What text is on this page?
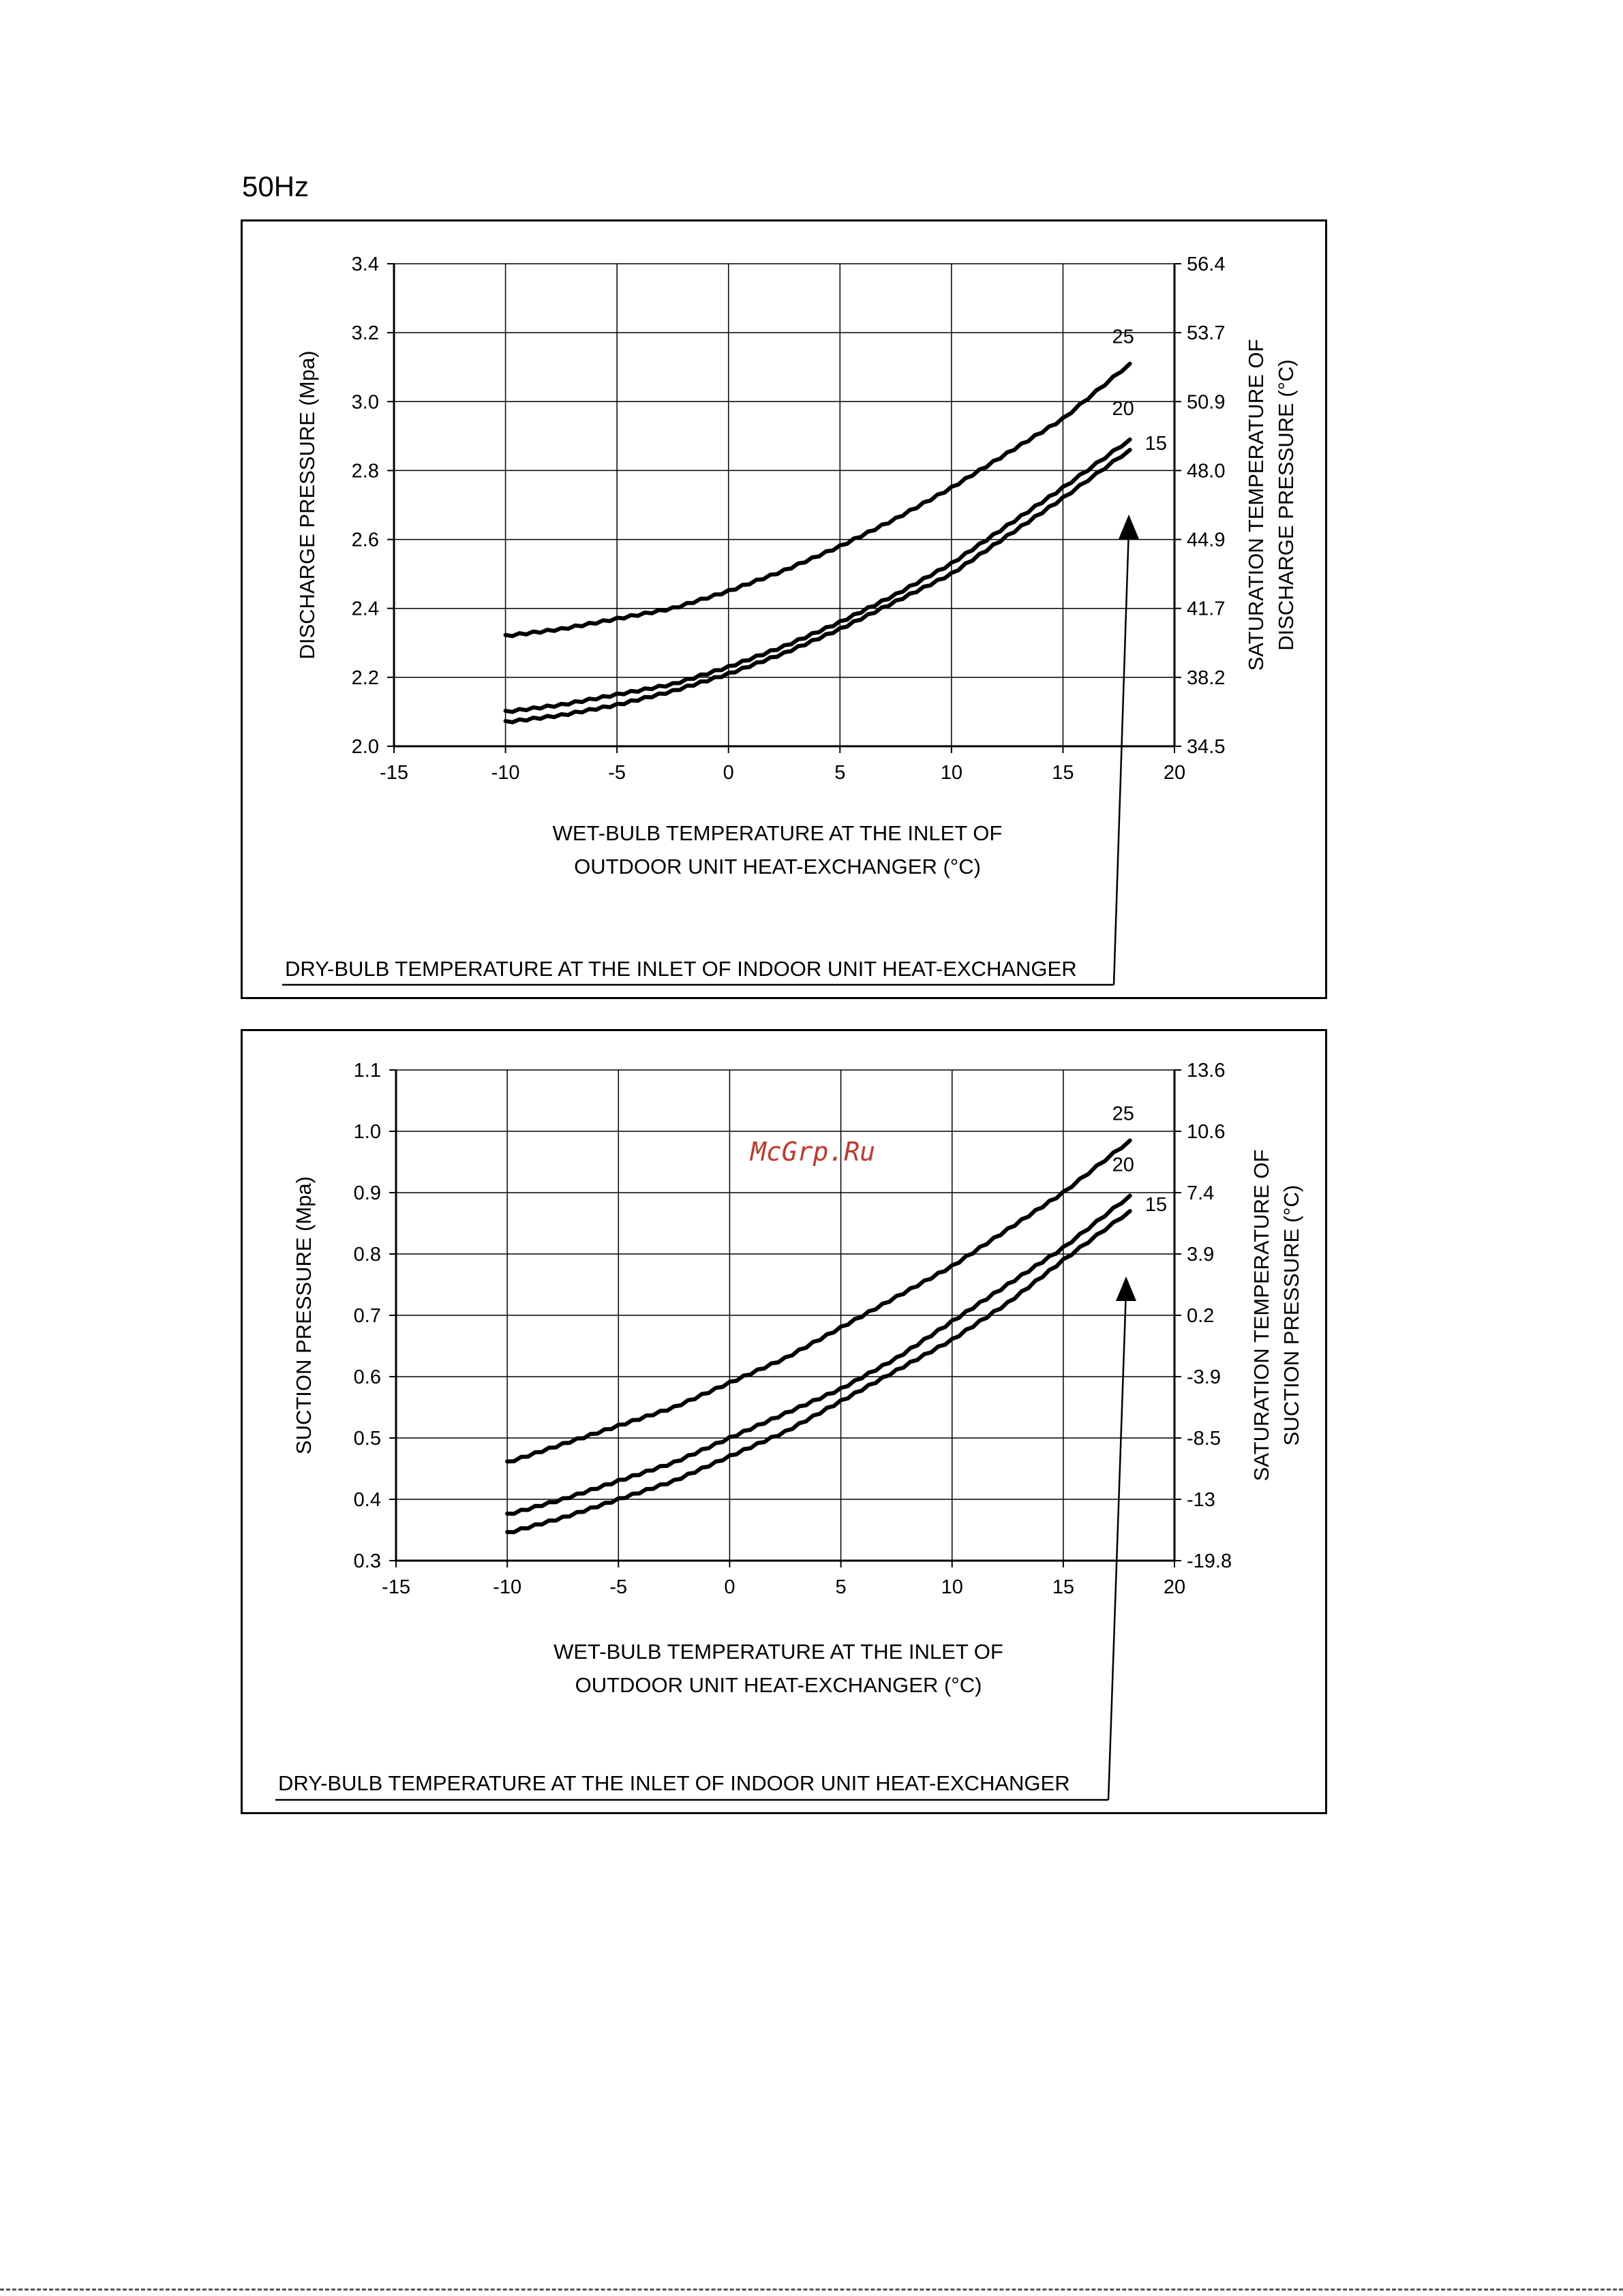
50Hz
-15	-10	-5	0	5	10	15	20
2.0	34.5
2.2	38.2
2.4	41.7
2.6	44.9
2.8	48.0
3.0	50.9
3.2	53.7
3.4	56.4
25
20
15
DISCHARGE PRESSURE (Mpa)	SATURATION TEMPERATURE OF DISCHARGE PRESSURE (°C)
WET-BULB TEMPERATURE AT THE INLET OF
OUTDOOR UNIT HEAT-EXCHANGER (°C)
DRY-BULB TEMPERATURE AT THE INLET OF INDOOR UNIT HEAT-EXCHANGER
-15	-10	-5	0	5	10	15	20
0.3	-19.8
0.4	-13
0.5	-8.5
0.6	-3.9
0.7	0.2
0.8	3.9
0.9	7.4
1.0	10.6
1.1	13.6
25
20
15
SUCTION PRESSURE (Mpa)	SATURATION TEMPERATURE OF SUCTION PRESSURE (°C)
WET-BULB TEMPERATURE AT THE INLET OF
OUTDOOR UNIT HEAT-EXCHANGER (°C)
DRY-BULB TEMPERATURE AT THE INLET OF INDOOR UNIT HEAT-EXCHANGER
McGrp.Ru
